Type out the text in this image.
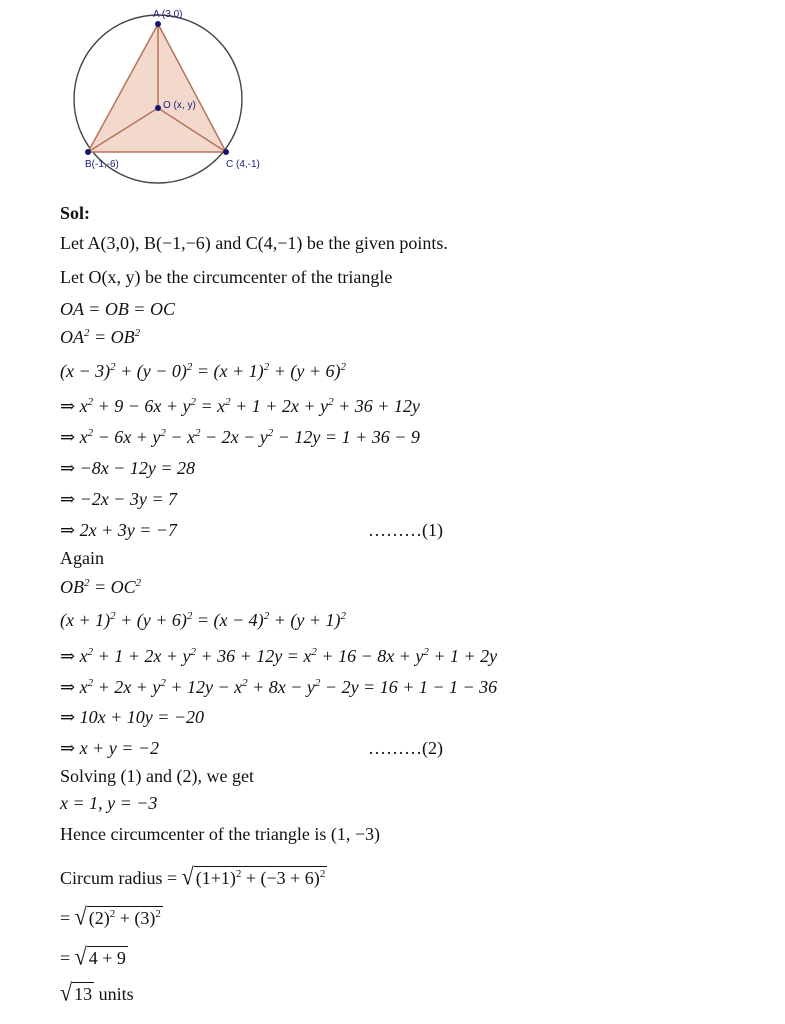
A (3,0)
O (x, y)
B(-1,-6)	C (4,-1)
Sol:
Let A(3,0), B(−1,−6) and C(4,−1) be the given points.
Let O(x, y) be the circumcenter of the triangle
OA = OB = OC
$OA^2 = OB^2$
$(x - 3)^2 + (y - 0)^2 = (x + 1)^2 + (y + 6)^2$
⇒ $x^2 + 9 - 6x + y^2 = x^2 + 1 + 2x + y^2 + 36 + 12y$
⇒ $x^2 - 6x + y^2 - x^2 - 2x - y^2 - 12y = 1 + 36 - 9$
⇒ −8x − 12y = 28
⇒ −2x − 3y = 7
⇒ 2x + 3y = −7	………(1)
Again
$OB^2 = OC^2$
$(x + 1)^2 + (y + 6)^2 = (x - 4)^2 + (y + 1)^2$
⇒ $x^2 + 1 + 2x + y^2 + 36 + 12y = x^2 + 16 - 8x + y^2 + 1 + 2y$
⇒ $x^2 + 2x + y^2 + 12y - x^2 + 8x - y^2 - 2y = 16 + 1 - 1 - 36$
⇒ 10x + 10y = −20
⇒ x + y = −2	………(2)
Solving (1) and (2), we get
x = 1, y = −3
Hence circumcenter of the triangle is (1, −3)
Circum radius = √ $(1+1)^2 + (-3 + 6)^2$
= √ $(2)^2 + (3)^2$
= √ 4 + 9
√ 13 units
